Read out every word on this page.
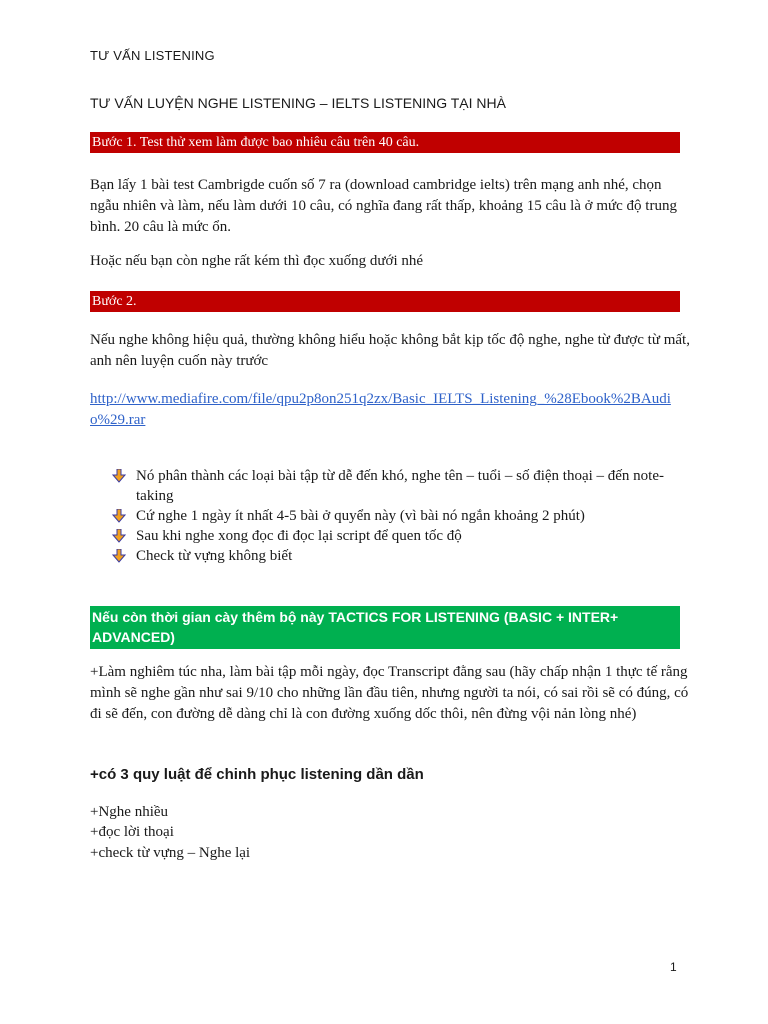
TƯ VẤN LISTENING
TƯ VẤN LUYỆN NGHE LISTENING – IELTS LISTENING TẠI NHÀ
Bước 1. Test thử xem làm được bao nhiêu câu trên 40 câu.
Bạn lấy 1 bài test Cambrigde cuốn số 7 ra (download cambridge ielts) trên mạng anh nhé, chọn ngẫu nhiên và làm, nếu làm dưới 10 câu, có nghĩa đang rất thấp, khoảng 15 câu là ở mức độ trung bình. 20 câu là mức ổn.
Hoặc nếu bạn còn nghe rất kém thì đọc xuống dưới nhé
Bước 2.
Nếu nghe không hiệu quả, thường không hiểu hoặc không bắt kịp tốc độ nghe, nghe từ được từ mất, anh nên luyện cuốn này trước
http://www.mediafire.com/file/qpu2p8on251q2zx/Basic_IELTS_Listening_%28Ebook%2BAudio%29.rar
Nó phân thành các loại bài tập từ dễ đến khó, nghe tên – tuổi – số điện thoại – đến note-taking
Cứ nghe 1 ngày ít nhất 4-5 bài ở quyển này (vì bài nó ngắn khoảng 2 phút)
Sau khi nghe xong đọc đi đọc lại script để quen tốc độ
Check từ vựng không biết
Nếu còn thời gian cày thêm bộ này TACTICS FOR LISTENING (BASIC + INTER+ ADVANCED)
+Làm nghiêm túc nha, làm bài tập mỗi ngày, đọc Transcript đằng sau (hãy chấp nhận 1 thực tế rằng mình sẽ nghe gần như sai 9/10 cho những lần đầu tiên, nhưng người ta nói, có sai rồi sẽ có đúng, có đi sẽ đến, con đường dễ dàng chỉ là con đường xuống dốc thôi, nên đừng vội nản lòng nhé)
+có 3 quy luật để chinh phục listening dần dần
+Nghe nhiều
+đọc lời thoại
+check từ vựng – Nghe lại
1
